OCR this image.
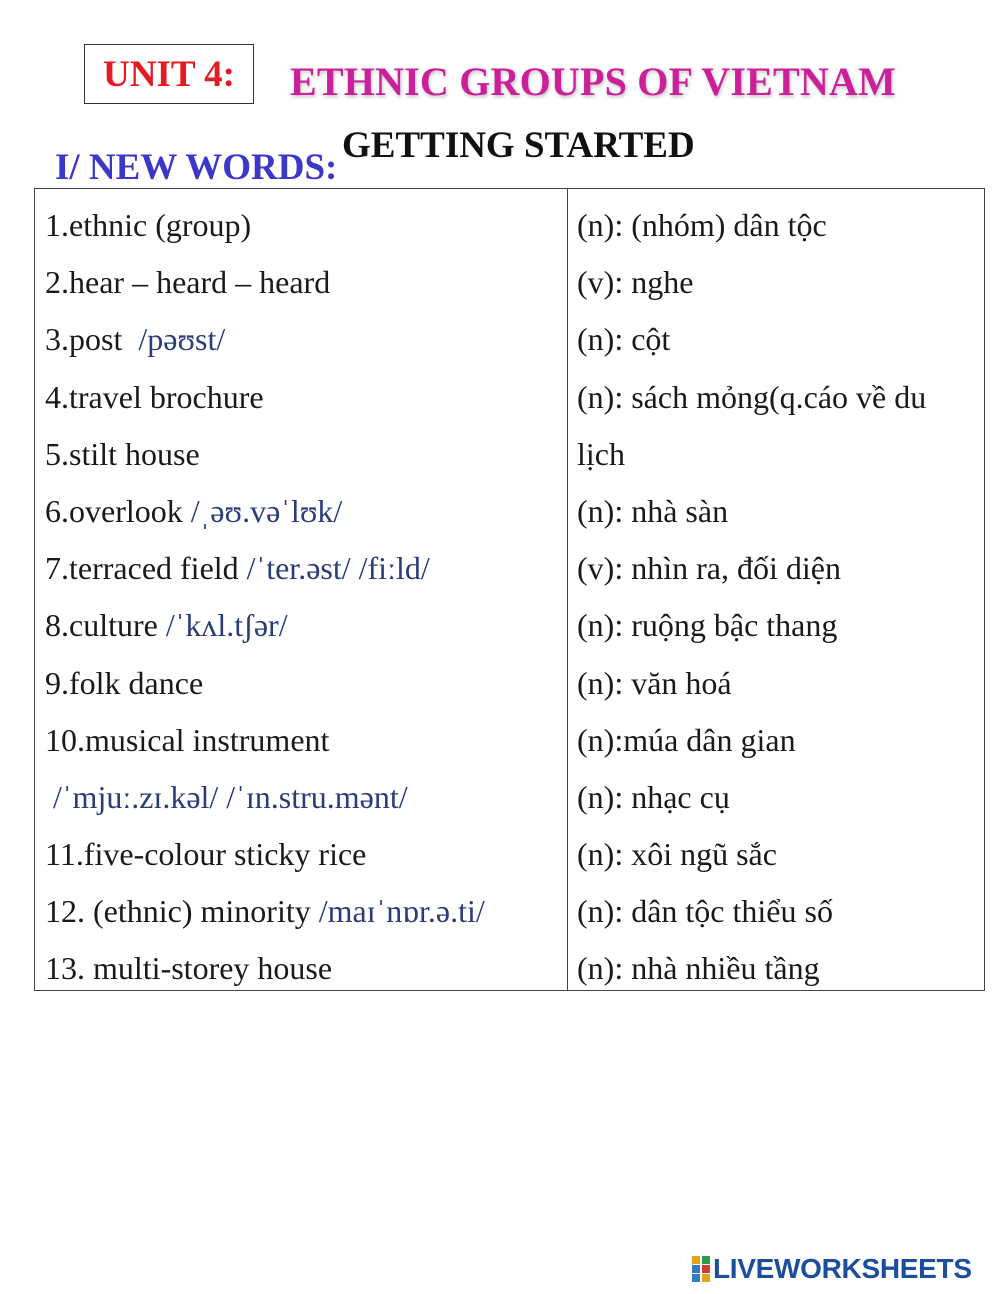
UNIT 4: ETHNIC GROUPS OF VIETNAM
GETTING STARTED
I/ NEW WORDS:
1.ethnic (group)
2.hear – heard – heard
3.post  /pəʊst/
4.travel brochure
5.stilt house
6.overlook /ˌəʊ.vəˈlʊk/
7.terraced field /ˈter.əst/ /fiːld/
8.culture /ˈkʌl.tʃər/
9.folk dance
10.musical instrument
/ˈmjuː.zɪ.kəl/ /ˈɪn.stru.mənt/
11.five-colour sticky rice
12. (ethnic) minority /maɪˈnɒr.ə.ti/
13. multi-storey house
(n): (nhóm) dân tộc
(v): nghe
(n): cột
(n): sách mỏng(q.cáo về du
lịch
(n): nhà sàn
(v): nhìn ra, đối diện
(n): ruộng bậc thang
(n): văn hoá
(n):múa dân gian
(n): nhạc cụ
(n): xôi ngũ sắc
(n): dân tộc thiểu số
(n): nhà nhiều tầng
LIVEWORKSHEETS
